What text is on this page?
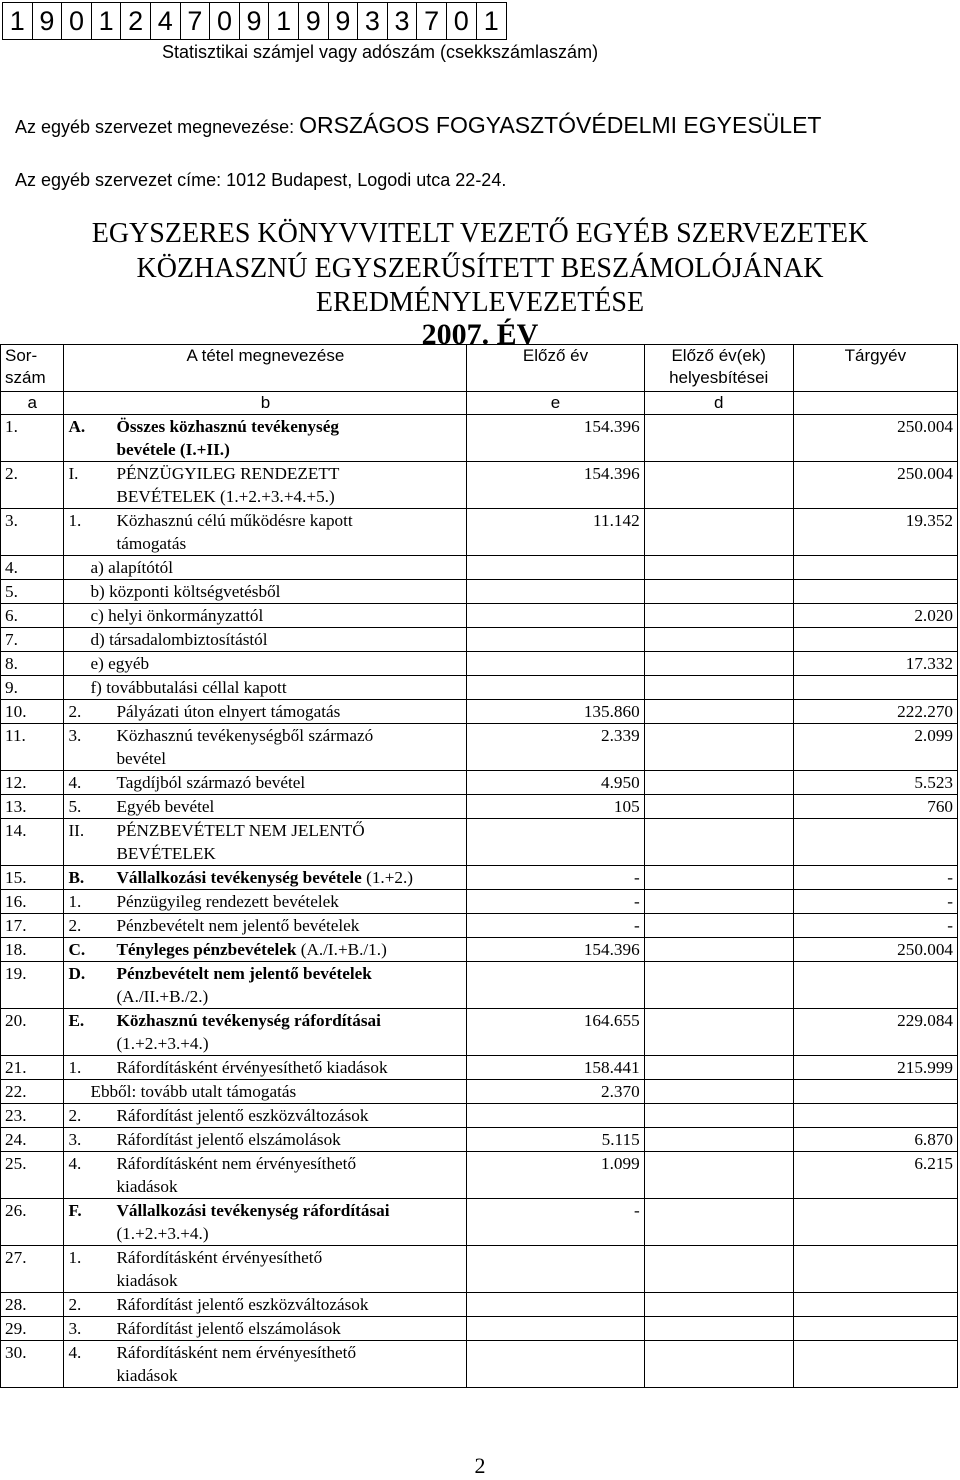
1 9 0 1 2 4 7 0 9 1 9 9 3 3 7 0 1
Statisztikai számjel vagy adószám (csekkszámlaszám)
Az egyéb szervezet megnevezése: ORSZÁGOS FOGYASZTÓVÉDELMI EGYESÜLET
Az egyéb szervezet címe: 1012 Budapest, Logodi utca 22-24.
EGYSZERES KÖNYVVITELT VEZETŐ EGYÉB SZERVEZETEK
KÖZHASZNÚ EGYSZERŰSÍTETT BESZÁMOLÓJÁNAK
EREDMÉNYLEVEZETÉSE
2007. ÉV
Sor-
szám	A tétel megnevezése	Előző év	Előző év(ek)
helyesbítései	Tárgyév
a	b	e	d	
1.	A. Összes közhasznú tevékenység
bevétele (I.+II.)	154.396		250.004
2.	I. PÉNZÜGYILEG RENDEZETT
BEVÉTELEK (1.+2.+3.+4.+5.)	154.396		250.004
3.	1. Közhasznú célú működésre kapott
támogatás	11.142		19.352
4.	a) alapítótól			
5.	b) központi költségvetésből			
6.	c) helyi önkormányzattól			2.020
7.	d) társadalombiztosítástól			
8.	e) egyéb			17.332
9.	f) továbbutalási céllal kapott			
10.	2. Pályázati úton elnyert támogatás	135.860		222.270
11.	3. Közhasznú tevékenységből származó
bevétel	2.339		2.099
12.	4. Tagdíjból származó bevétel	4.950		5.523
13.	5. Egyéb bevétel	105		760
14.	II. PÉNZBEVÉTELT NEM JELENTŐ
BEVÉTELEK			

15.	B. Vállalkozási tevékenység bevétele (1.+2.)	-		-
16.	1. Pénzügyileg rendezett bevételek	-		-
17.	2. Pénzbevételt nem jelentő bevételek	-		-
18.	C. Tényleges pénzbevételek (A./I.+B./1.)	154.396		250.004
19.	D. Pénzbevételt nem jelentő bevételek
(A./II.+B./2.)			

20.	E. Közhasznú tevékenység ráfordításai
(1.+2.+3.+4.)	164.655		229.084
21.	1. Ráfordításként érvényesíthető kiadások	158.441		215.999
22.	Ebből: tovább utalt támogatás	2.370		
23.	2. Ráfordítást jelentő eszközváltozások			
24.	3. Ráfordítást jelentő elszámolások	5.115		6.870
25.	4. Ráfordításként nem érvényesíthető
kiadások	1.099		6.215
26.	F. Vállalkozási tevékenység ráfordításai
(1.+2.+3.+4.)	-		
27.	1. Ráfordításként érvényesíthető
kiadások			

28.	2. Ráfordítást jelentő eszközváltozások			
29.	3. Ráfordítást jelentő elszámolások			
30.	4. Ráfordításként nem érvényesíthető
kiadások			

2
